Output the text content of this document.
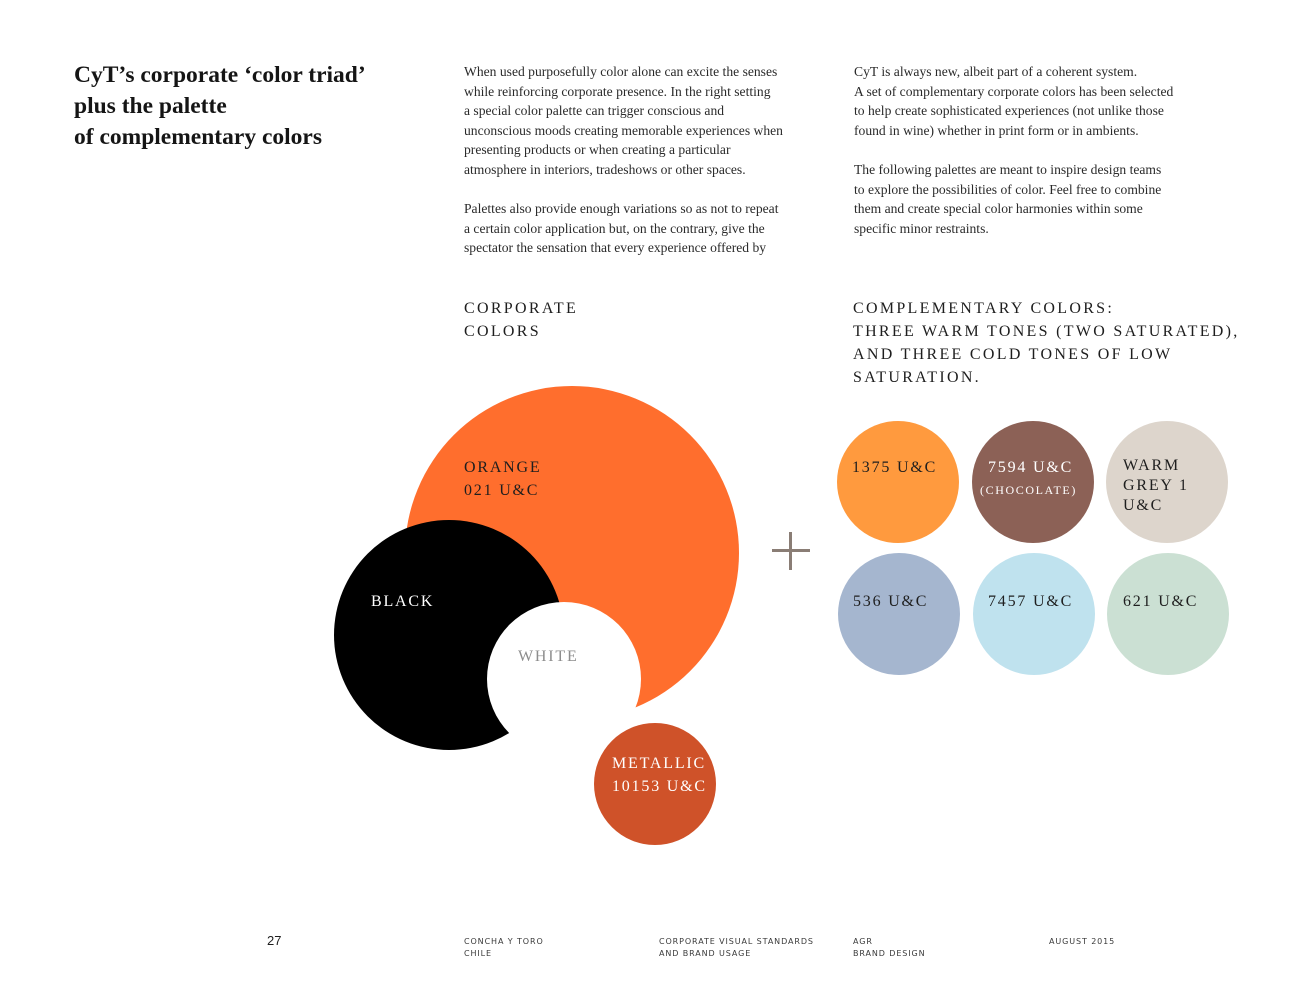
CyT’s corporate ‘color triad’
plus the palette
of complementary colors

When used purposefully color alone can excite the senses
while reinforcing corporate presence. In the right setting
a special color palette can trigger conscious and
unconscious moods creating memorable experiences when
presenting products or when creating a particular
atmosphere in interiors, tradeshows or other spaces.

Palettes also provide enough variations so as not to repeat
a certain color application but, on the contrary, give the
spectator the sensation that every experience offered by

CyT is always new, albeit part of a coherent system.
A set of complementary corporate colors has been selected
to help create sophisticated experiences (not unlike those
found in wine) whether in print form or in ambients.

The following palettes are meant to inspire design teams
to explore the possibilities of color. Feel free to combine
them and create special color harmonies within some
specific minor restraints.

CORPORATE
COLORS
COMPLEMENTARY COLORS:
THREE WARM TONES (TWO SATURATED),
AND THREE COLD TONES OF LOW
SATURATION.
ORANGE
021 U&C
BLACK
WHITE
METALLIC
10153 U&C
1375 U&C	7594 U&C
(CHOCOLATE)
WARM
GREY 1
U&C
536 U&C	7457 U&C	621 U&C
27	CONCHA Y TORO
CHILE
CORPORATE VISUAL STANDARDS
AND BRAND USAGE
AGR
BRAND DESIGN
AUGUST 2015
